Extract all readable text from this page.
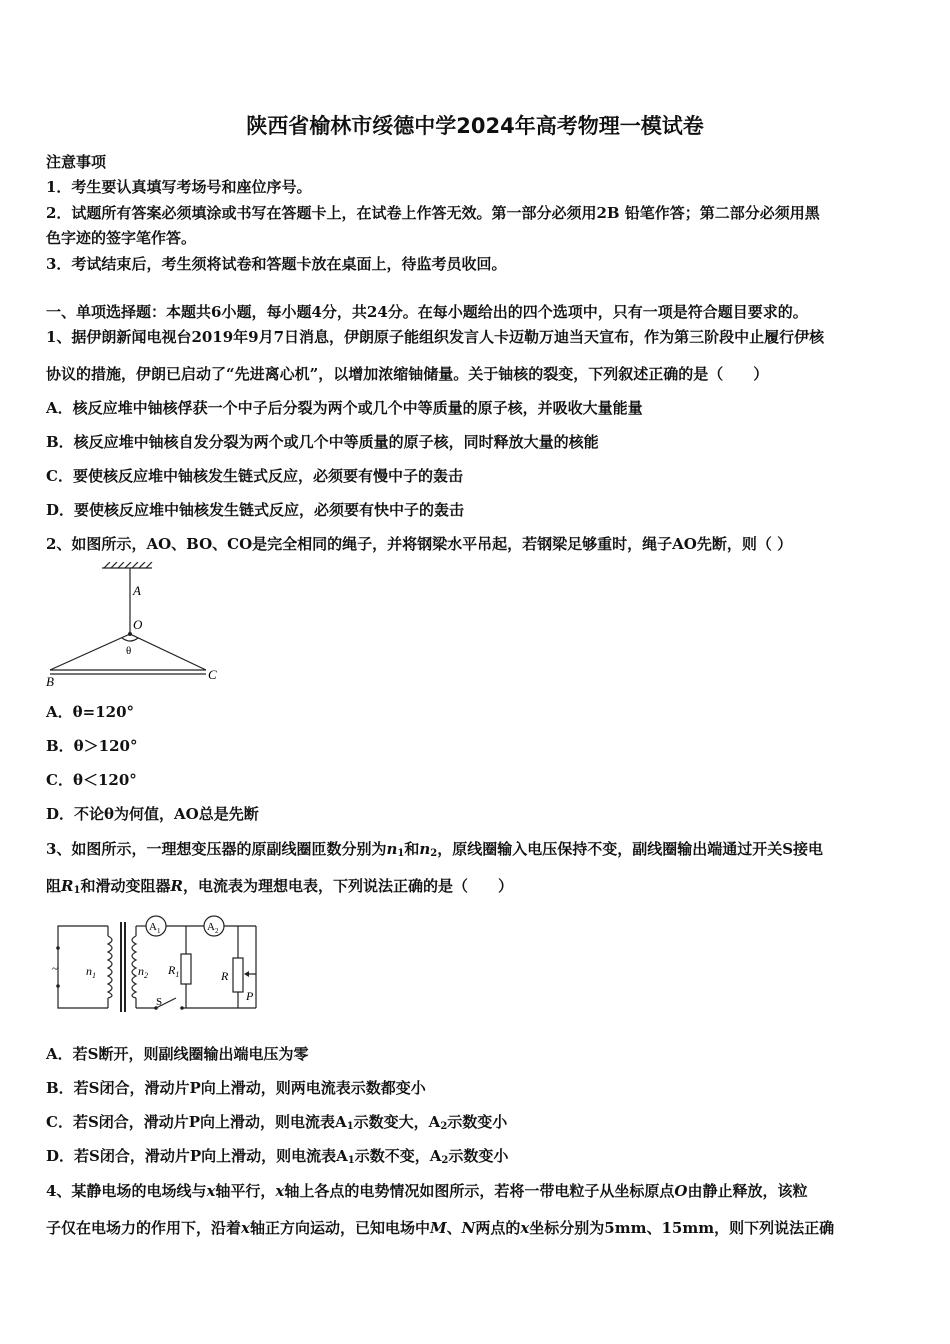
陕西省榆林市绥德中学2024年高考物理一模试卷
注意事项
1．考生要认真填写考场号和座位序号。
2．试题所有答案必须填涂或书写在答题卡上，在试卷上作答无效。第一部分必须用2B 铅笔作答；第二部分必须用黑
色字迹的签字笔作答。
3．考试结束后，考生须将试卷和答题卡放在桌面上，待监考员收回。
一、单项选择题：本题共6小题，每小题4分，共24分。在每小题给出的四个选项中，只有一项是符合题目要求的。
1、据伊朗新闻电视台2019年9月7日消息，伊朗原子能组织发言人卡迈勒万迪当天宣布，作为第三阶段中止履行伊核
协议的措施，伊朗已启动了“先进离心机”，以增加浓缩铀储量。关于铀核的裂变，下列叙述正确的是（　　）
A．核反应堆中铀核俘获一个中子后分裂为两个或几个中等质量的原子核，并吸收大量能量
B．核反应堆中铀核自发分裂为两个或几个中等质量的原子核，同时释放大量的核能
C．要使核反应堆中铀核发生链式反应，必须要有慢中子的轰击
D．要使核反应堆中铀核发生链式反应，必须要有快中子的轰击
2、如图所示，AO、BO、CO是完全相同的绳子，并将钢梁水平吊起，若钢梁足够重时，绳子AO先断，则（ ）
A
O
θ
B	C
A．θ=120°
B．θ＞120°
C．θ＜120°
D．不论θ为何值，AO总是先断
3、如图所示，一理想变压器的原副线圈匝数分别为$n_1$和$n_2$，原线圈输入电压保持不变，副线圈输出端通过开关S接电
阻$R_1$和滑动变阻器R，电流表为理想电表，下列说法正确的是（　　）
~ $n_1$	$n_2$
$A_1$	$A_2$
$R_1$	R
P
S
A．若S断开，则副线圈输出端电压为零
B．若S闭合，滑动片P向上滑动，则两电流表示数都变小
C．若S闭合，滑动片P向上滑动，则电流表$A_1$示数变大，$A_2$示数变小
D．若S闭合，滑动片P向上滑动，则电流表$A_1$示数不变，$A_2$示数变小
4、某静电场的电场线与x轴平行，x轴上各点的电势情况如图所示，若将一带电粒子从坐标原点O由静止释放，该粒
子仅在电场力的作用下，沿着x轴正方向运动，已知电场中M、N两点的x坐标分别为5mm、15mm，则下列说法正确
